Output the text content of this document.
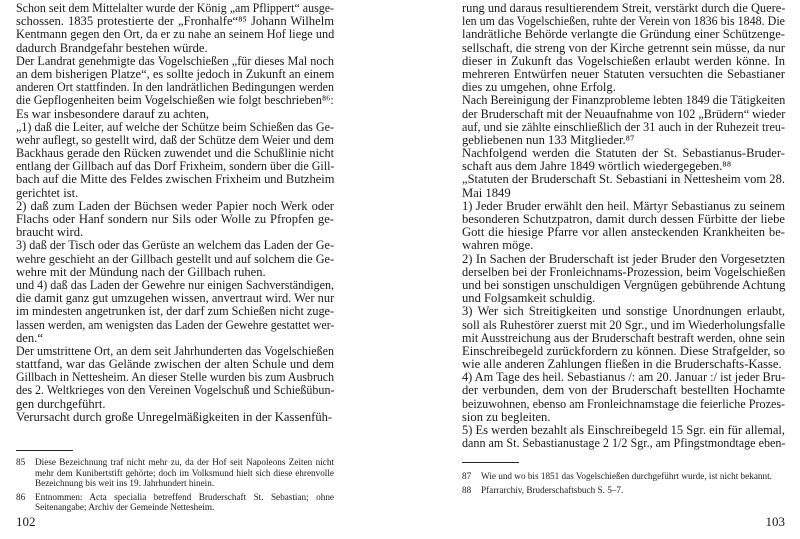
Schon seit dem Mittelalter wurde der König „am Pflippert“ ausge-
schossen. 1835 protestierte der „Fronhalfe“⁸⁵ Johann Wilhelm
Kentmann gegen den Ort, da er zu nahe an seinem Hof liege und
dadurch Brandgefahr bestehen würde.
Der Landrat genehmigte das Vogelschießen „für dieses Mal noch
an dem bisherigen Platze“, es sollte jedoch in Zukunft an einem
anderen Ort stattfinden. In den landrätlichen Bedingungen werden
die Gepflogenheiten beim Vogelschießen wie folgt beschrieben⁸⁶:
Es war insbesondere darauf zu achten,
„1) daß die Leiter, auf welche der Schütze beim Schießen das Ge-
wehr auflegt, so gestellt wird, daß der Schütze dem Weier und dem
Backhaus gerade den Rücken zuwendet und die Schußlinie nicht
entlang der Gillbach auf das Dorf Frixheim, sondern über die Gill-
bach auf die Mitte des Feldes zwischen Frixheim und Butzheim
gerichtet ist.
2) daß zum Laden der Büchsen weder Papier noch Werk oder
Flachs oder Hanf sondern nur Sils oder Wolle zu Pfropfen ge-
braucht wird.
3) daß der Tisch oder das Gerüste an welchem das Laden der Ge-
wehre geschieht an der Gillbach gestellt und auf solchem die Ge-
wehre mit der Mündung nach der Gillbach ruhen.
und 4) daß das Laden der Gewehre nur einigen Sachverständigen,
die damit ganz gut umzugehen wissen, anvertraut wird. Wer nur
im mindesten angetrunken ist, der darf zum Schießen nicht zuge-
lassen werden, am wenigsten das Laden der Gewehre gestattet wer-
den.“
Der umstrittene Ort, an dem seit Jahrhunderten das Vogelschießen
stattfand, war das Gelände zwischen der alten Schule und dem
Gillbach in Nettesheim. An dieser Stelle wurden bis zum Ausbruch
des 2. Weltkrieges von den Vereinen Vogelschuß und Schießübun-
gen durchgeführt.
Verursacht durch große Unregelmäßigkeiten in der Kassenfüh-
85	Diese Bezeichnung traf nicht mehr zu, da der Hof seit Napoleons Zeiten nicht mehr dem Kunibertstift gehörte; doch im Volksmund hielt sich diese ehrenvolle Bezeichnung bis weit ins 19. Jahrhundert hinein.
86	Entnommen: Acta specialia betreffend Bruderschaft St. Sebastian; ohne Seitenangabe; Archiv der Gemeinde Nettesheim.
102
rung und daraus resultierendem Streit, verstärkt durch die Quere-
len um das Vogelschießen, ruhte der Verein von 1836 bis 1848. Die
landrätliche Behörde verlangte die Gründung einer Schützenge-
sellschaft, die streng von der Kirche getrennt sein müsse, da nur
dieser in Zukunft das Vogelschießen erlaubt werden könne. In
mehreren Entwürfen neuer Statuten versuchten die Sebastianer
dies zu umgehen, ohne Erfolg.
Nach Bereinigung der Finanzprobleme lebten 1849 die Tätigkeiten
der Bruderschaft mit der Neuaufnahme von 102 „Brüdern“ wieder
auf, und sie zählte einschließlich der 31 auch in der Ruhezeit treu-
gebliebenen nun 133 Mitglieder.⁸⁷
Nachfolgend werden die Statuten der St. Sebastianus-Bruder-
schaft aus dem Jahre 1849 wörtlich wiedergegeben.⁸⁸
„Statuten der Bruderschaft St. Sebastiani in Nettesheim vom 28.
Mai 1849
1) Jeder Bruder erwählt den heil. Märtyr Sebastianus zu seinem
besonderen Schutzpatron, damit durch dessen Fürbitte der liebe
Gott die hiesige Pfarre vor allen ansteckenden Krankheiten be-
wahren möge.
2) In Sachen der Bruderschaft ist jeder Bruder den Vorgesetzten
derselben bei der Fronleichnams-Prozession, beim Vogelschießen
und bei sonstigen unschuldigen Vergnügen gebührende Achtung
und Folgsamkeit schuldig.
3) Wer sich Streitigkeiten und sonstige Unordnungen erlaubt,
soll als Ruhestörer zuerst mit 20 Sgr., und im Wiederholungsfalle
mit Ausstreichung aus der Bruderschaft bestraft werden, ohne sein
Einschreibegeld zurückfordern zu können. Diese Strafgelder, so
wie alle anderen Zahlungen fließen in die Bruderschafts-Kasse.
4) Am Tage des heil. Sebastianus /: am 20. Januar :/ ist jeder Bru-
der verbunden, dem von der Bruderschaft bestellten Hochamte
beizuwohnen, ebenso am Fronleichnamstage die feierliche Prozes-
sion zu begleiten.
5) Es werden bezahlt als Einschreibegeld 15 Sgr. ein für allemal,
dann am St. Sebastianustage 2 1/2 Sgr., am Pfingstmondtage eben-
87	Wie und wo bis 1851 das Vogelschießen durchgeführt wurde, ist nicht bekannt.
88	Pfarrarchiv, Bruderschaftsbuch S. 5–7.
103
